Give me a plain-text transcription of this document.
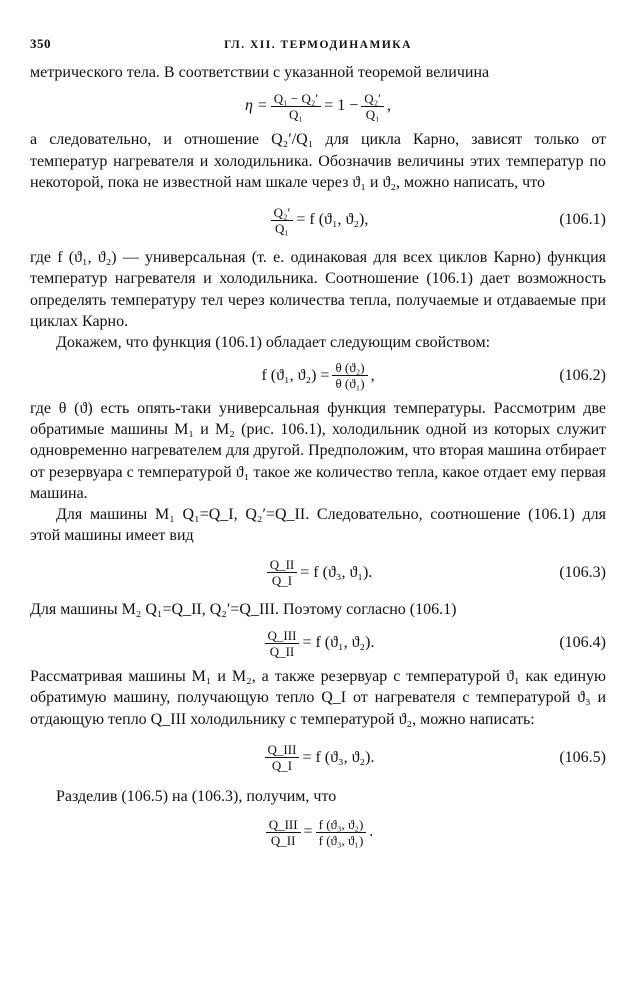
350	ГЛ. XII. ТЕРМОДИНАМИКА

метрического тела. В соответствии с указанной теоремой величина

$\eta = \frac{\text{Q₁ − Q₂′}}{\text{Q₁}} = 1 - \frac{\text{Q₂′}}{\text{Q₁}}$ ,

а следовательно, и отношение Q₂′/Q₁ для цикла Карно, зависят только от температур нагревателя и холодильника. Обозначив величины этих температур по некоторой, пока не известной нам шкале через ϑ₁ и ϑ₂, можно написать, что

$\frac{\text{Q₂′}}{\text{Q₁}} = f$ (ϑ₁, ϑ₂),	(106.1)

где f (ϑ₁, ϑ₂) — универсальная (т. е. одинаковая для всех циклов Карно) функция температур нагревателя и холодильника. Соотношение (106.1) дает возможность определять температуру тел через количества тепла, получаемые и отдаваемые при циклах Карно.

Докажем, что функция (106.1) обладает следующим свойством:

f (ϑ₁, $ϑ_2) = \frac{\text{θ (ϑ₂)}}{\text{θ (ϑ₁)}}$ ,	(106.2)

где θ (ϑ) есть опять-таки универсальная функция температуры. Рассмотрим две обратимые машины M₁ и M₂ (рис. 106.1), холодильник одной из которых служит одновременно нагревателем для другой. Предположим, что вторая машина отбирает от резервуара с температурой ϑ₁ такое же количество тепла, какое отдает ему первая машина.

Для машины M₁ Q₁=Q_I, Q₂′=Q_II. Следовательно, соотношение (106.1) для этой машины имеет вид

$\frac{Q\_II}{Q\_I} = f$ (ϑ₃, ϑ₁).	(106.3)

Для машины M₂ Q₁=Q_II, Q₂′=Q_III. Поэтому согласно (106.1)

$\frac{\text{Q\_III}}{Q\_II} = f$ (ϑ₁, ϑ₂).	(106.4)

Рассматривая машины M₁ и M₂, а также резервуар с температурой ϑ₁ как единую обратимую машину, получающую тепло Q_I от нагревателя с температурой ϑ₃ и отдающую тепло Q_III холодильнику с температурой ϑ₂, можно написать:

$\frac{\text{Q\_III}}{Q\_I} = f$ (ϑ₃, ϑ₂).	(106.5)

Разделив (106.5) на (106.3), получим, что

$\frac{\text{Q\_III}}{Q\_II} = \frac{\text{f (ϑ₃, ϑ₂)}}{\text{f (ϑ₃, ϑ₁)}}$ .
